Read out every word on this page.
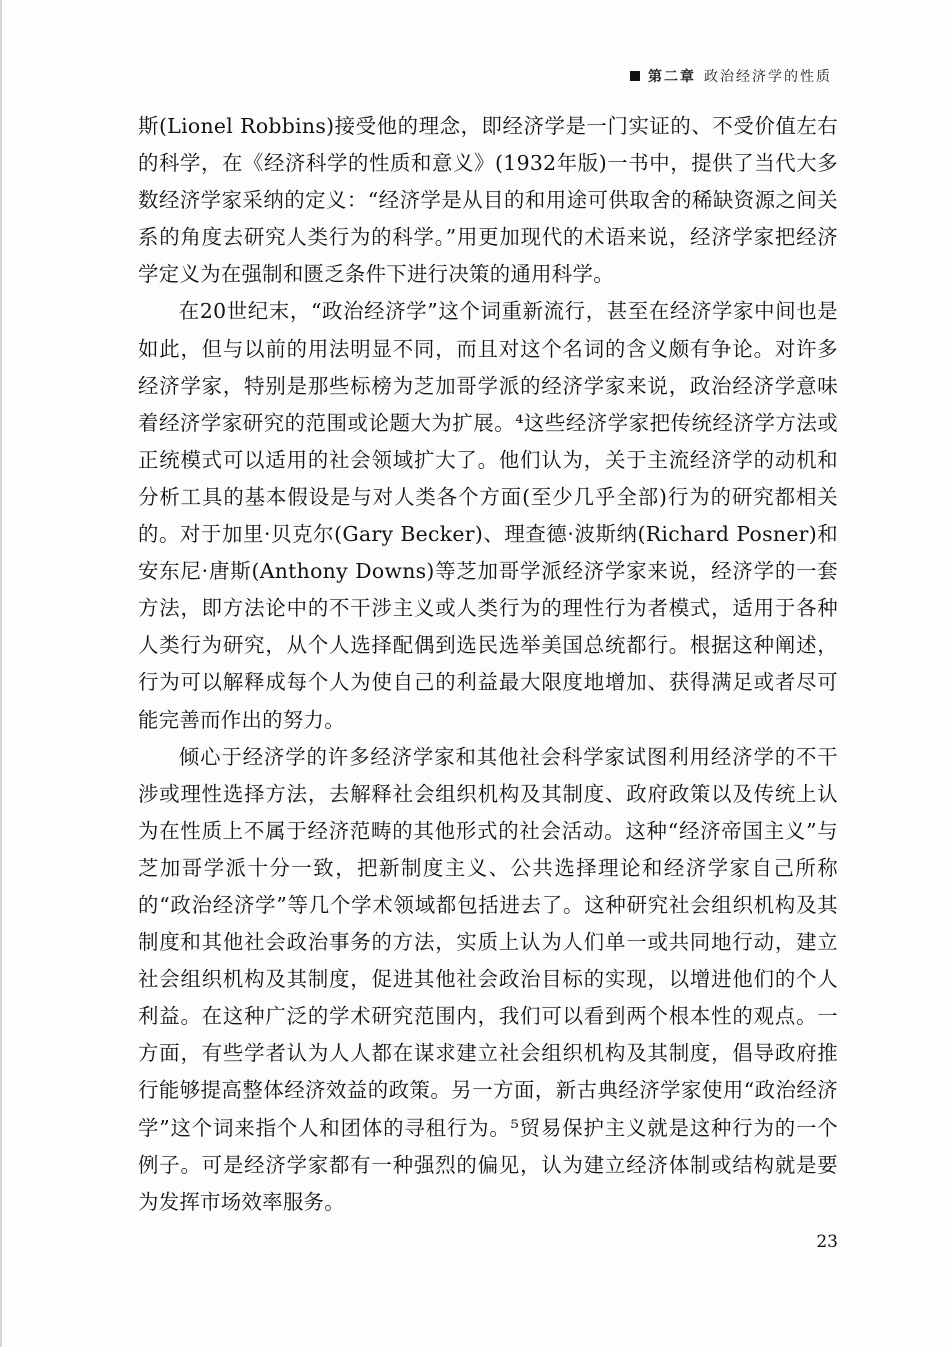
第二章 政治经济学的性质

斯(Lionel Robbins)接受他的理念，即经济学是一门实证的、不受价值左右的科学，在《经济科学的性质和意义》(1932年版)一书中，提供了当代大多数经济学家采纳的定义：“经济学是从目的和用途可供取舍的稀缺资源之间关系的角度去研究人类行为的科学。”用更加现代的术语来说，经济学家把经济学定义为在强制和匮乏条件下进行决策的通用科学。

在20世纪末，“政治经济学”这个词重新流行，甚至在经济学家中间也是如此，但与以前的用法明显不同，而且对这个名词的含义颇有争论。对许多经济学家，特别是那些标榜为芝加哥学派的经济学家来说，政治经济学意味着经济学家研究的范围或论题大为扩展。⁴这些经济学家把传统经济学方法或正统模式可以适用的社会领域扩大了。他们认为，关于主流经济学的动机和分析工具的基本假设是与对人类各个方面(至少几乎全部)行为的研究都相关的。对于加里·贝克尔(Gary Becker)、理查德·波斯纳(Richard Posner)和安东尼·唐斯(Anthony Downs)等芝加哥学派经济学家来说，经济学的一套方法，即方法论中的不干涉主义或人类行为的理性行为者模式，适用于各种人类行为研究，从个人选择配偶到选民选举美国总统都行。根据这种阐述，行为可以解释成每个人为使自己的利益最大限度地增加、获得满足或者尽可能完善而作出的努力。

倾心于经济学的许多经济学家和其他社会科学家试图利用经济学的不干涉或理性选择方法，去解释社会组织机构及其制度、政府政策以及传统上认为在性质上不属于经济范畴的其他形式的社会活动。这种“经济帝国主义”与芝加哥学派十分一致，把新制度主义、公共选择理论和经济学家自己所称的“政治经济学”等几个学术领域都包括进去了。这种研究社会组织机构及其制度和其他社会政治事务的方法，实质上认为人们单一或共同地行动，建立社会组织机构及其制度，促进其他社会政治目标的实现，以增进他们的个人利益。在这种广泛的学术研究范围内，我们可以看到两个根本性的观点。一方面，有些学者认为人人都在谋求建立社会组织机构及其制度，倡导政府推行能够提高整体经济效益的政策。另一方面，新古典经济学家使用“政治经济学”这个词来指个人和团体的寻租行为。⁵贸易保护主义就是这种行为的一个例子。可是经济学家都有一种强烈的偏见，认为建立经济体制或结构就是要为发挥市场效率服务。

23
